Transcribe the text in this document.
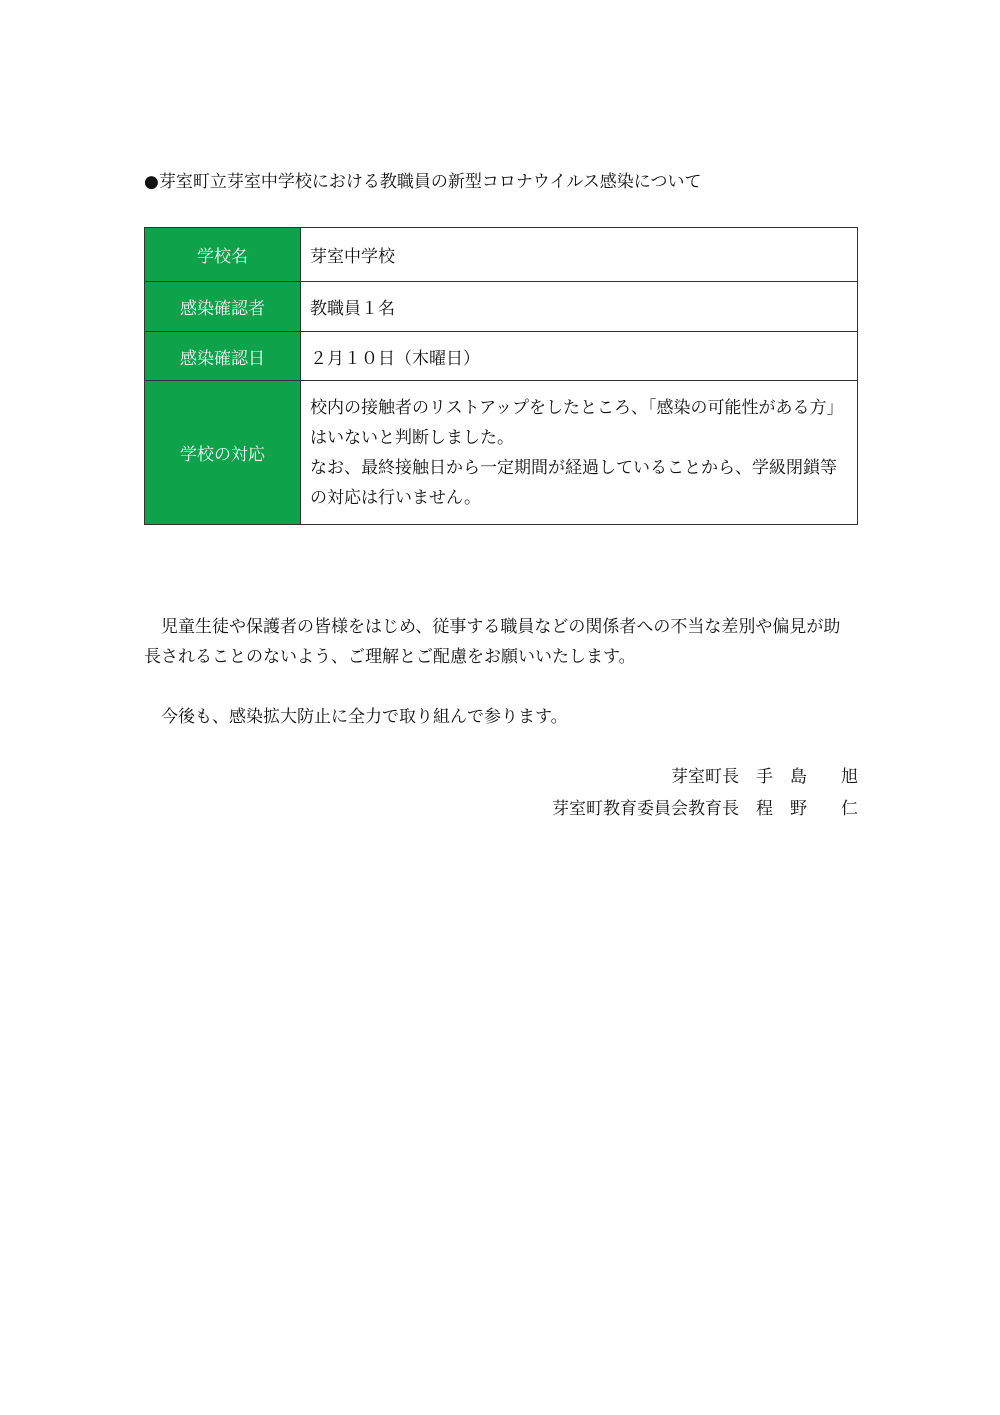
●芽室町立芽室中学校における教職員の新型コロナウイルス感染について
学校名	芽室中学校
感染確認者	教職員１名
感染確認日	２月１０日（木曜日）
学校の対応	校内の接触者のリストアップをしたところ、「感染の可能性がある方」
はいないと判断しました。
なお、最終接触日から一定期間が経過していることから、学級閉鎖等
の対応は行いません。
児童生徒や保護者の皆様をはじめ、従事する職員などの関係者への不当な差別や偏見が助
長されることのないよう、ご理解とご配慮をお願いいたします。
今後も、感染拡大防止に全力で取り組んで参ります。
芽室町長　手　島　　旭
芽室町教育委員会教育長　程　野　　仁
